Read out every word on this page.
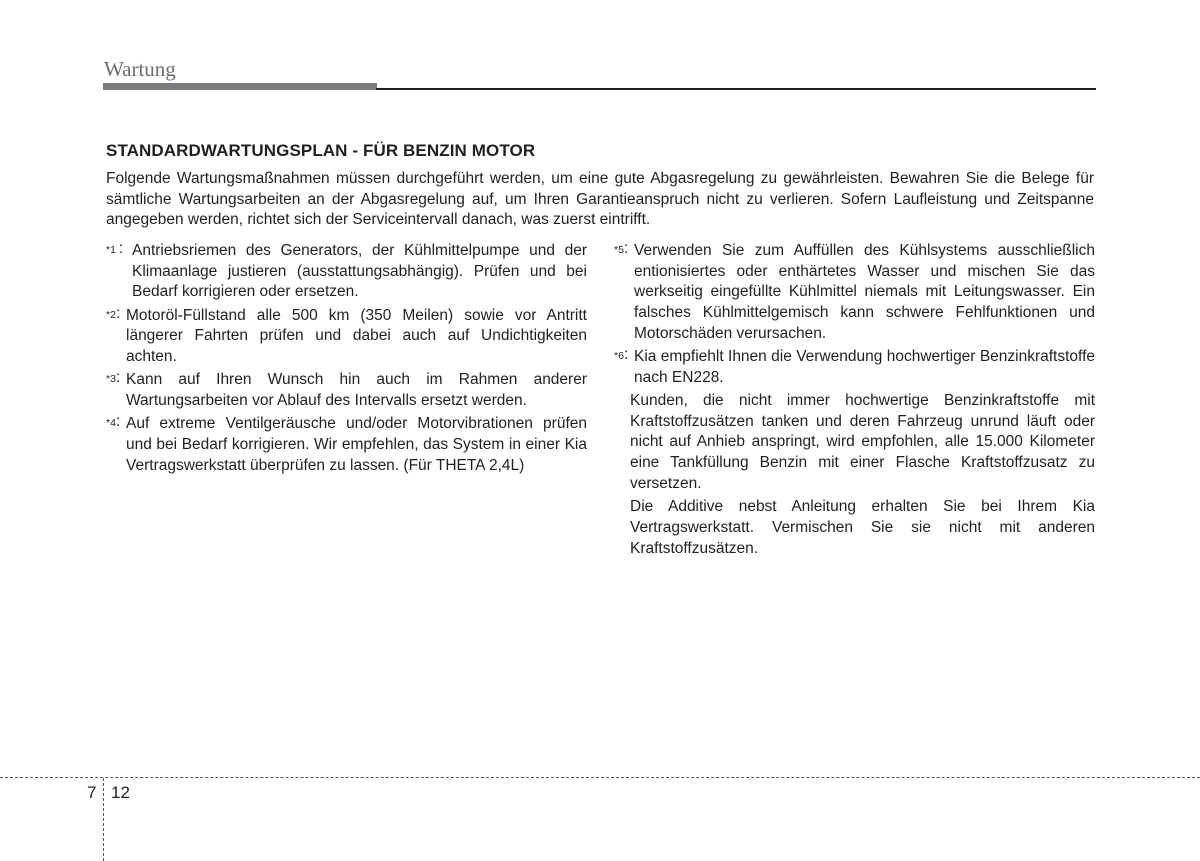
Wartung
STANDARDWARTUNGSPLAN - FÜR BENZIN MOTOR
Folgende Wartungsmaßnahmen müssen durchgeführt werden, um eine gute Abgasregelung zu gewährleisten. Bewahren Sie die Belege für sämtliche Wartungsarbeiten an der Abgasregelung auf, um Ihren Garantieanspruch nicht zu verlieren. Sofern Laufleistung und Zeitspanne angegeben werden, richtet sich der Serviceintervall danach, was zuerst eintrifft.
*1 : Antriebsriemen des Generators, der Kühlmittelpumpe und der Klimaanlage justieren (ausstattungsabhängig). Prüfen und bei Bedarf korrigieren oder ersetzen.
*2: Motoröl-Füllstand alle 500 km (350 Meilen) sowie vor Antritt längerer Fahrten prüfen und dabei auch auf Undichtigkeiten achten.
*3: Kann auf Ihren Wunsch hin auch im Rahmen anderer Wartungsarbeiten vor Ablauf des Intervalls ersetzt werden.
*4: Auf extreme Ventilgeräusche und/oder Motorvibrationen prüfen und bei Bedarf korrigieren. Wir empfehlen, das System in einer Kia Vertragswerkstatt überprüfen zu lassen. (Für THETA 2,4L)
*5: Verwenden Sie zum Auffüllen des Kühlsystems ausschließlich entionisiertes oder enthärtetes Wasser und mischen Sie das werkseitig eingefüllte Kühlmittel niemals mit Leitungswasser. Ein falsches Kühlmittelgemisch kann schwere Fehlfunktionen und Motorschäden verursachen.
*6: Kia empfiehlt Ihnen die Verwendung hochwertiger Benzinkraftstoffe nach EN228.
Kunden, die nicht immer hochwertige Benzinkraftstoffe mit Kraftstoffzusätzen tanken und deren Fahrzeug unrund läuft oder nicht auf Anhieb anspringt, wird empfohlen, alle 15.000 Kilometer eine Tankfüllung Benzin mit einer Flasche Kraftstoffzusatz zu versetzen.
Die Additive nebst Anleitung erhalten Sie bei Ihrem Kia Vertragswerkstatt. Vermischen Sie sie nicht mit anderen Kraftstoffzusätzen.
7 12
